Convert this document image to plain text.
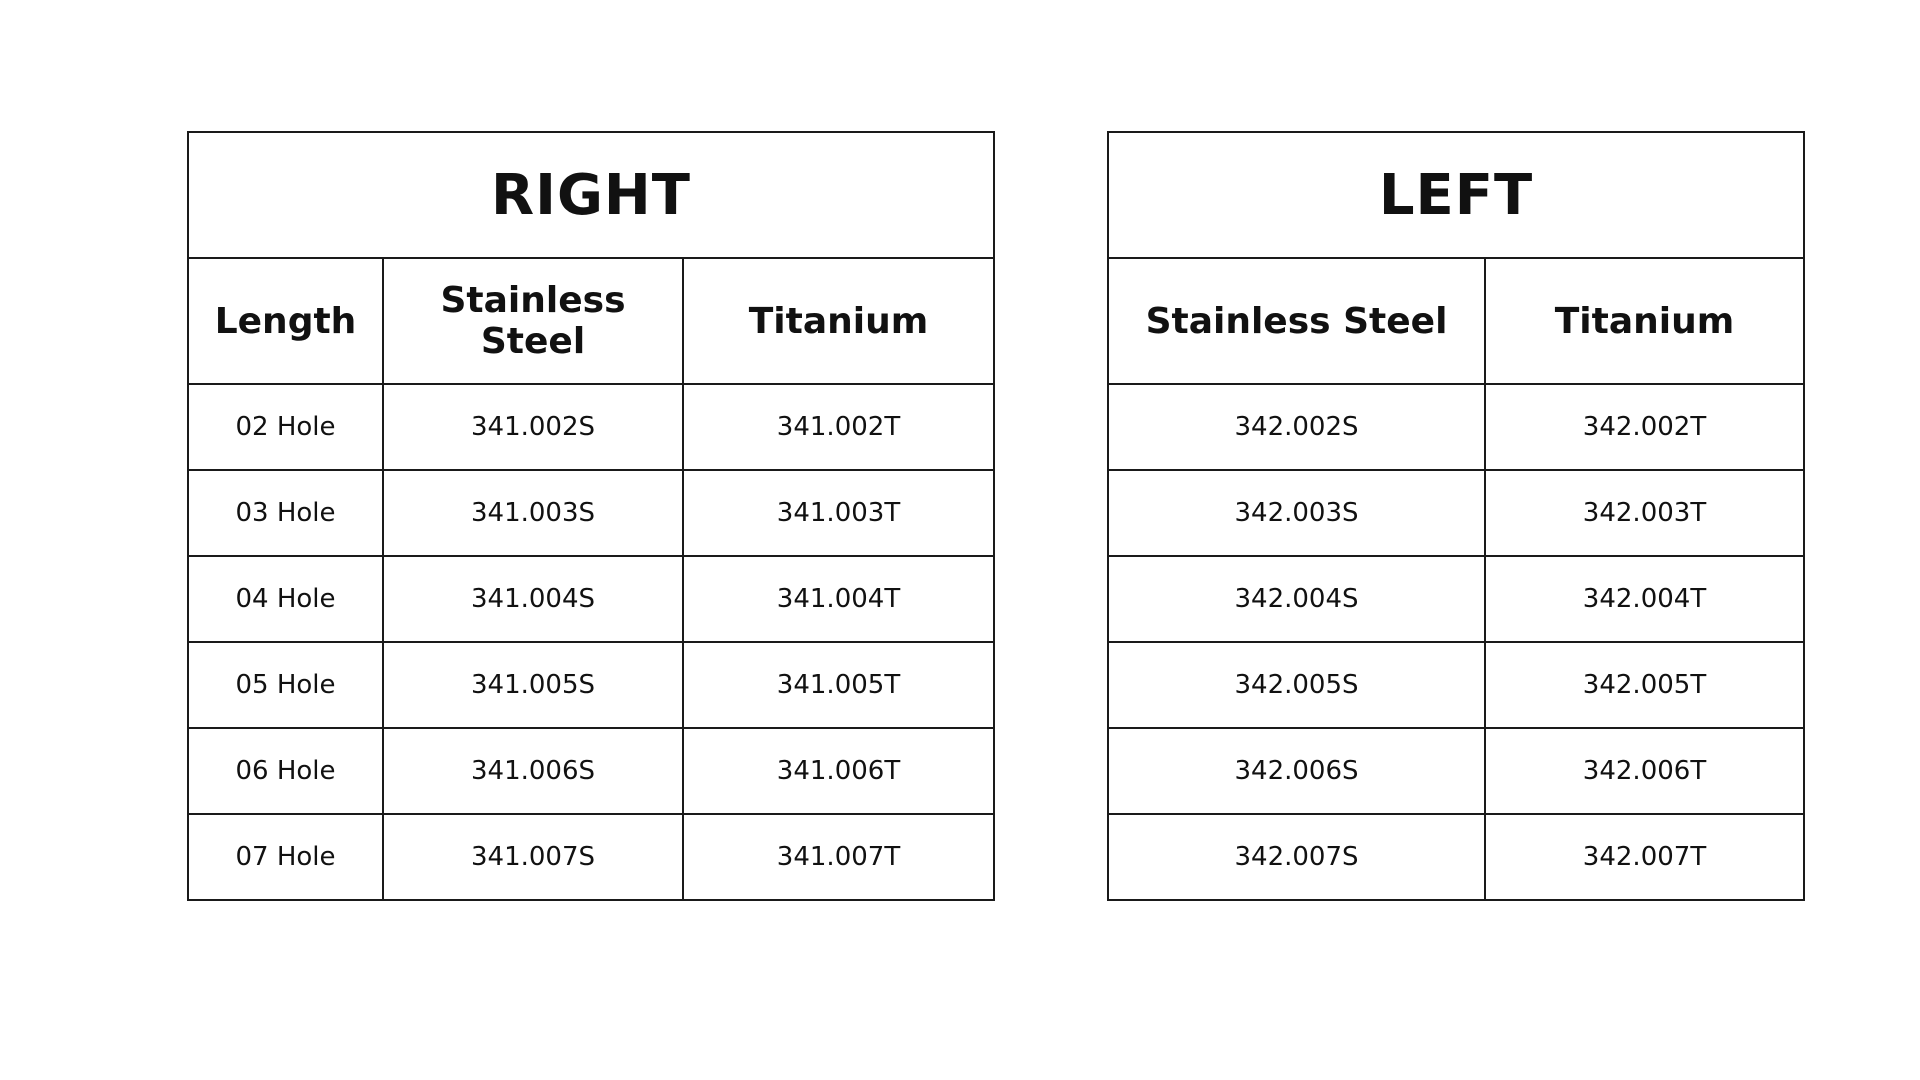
RIGHT		
Length	Stainless Steel	Titanium
02 Hole	341.002S	341.002T
03 Hole	341.003S	341.003T
04 Hole	341.004S	341.004T
05 Hole	341.005S	341.005T
06 Hole	341.006S	341.006T
07 Hole	341.007S	341.007T
LEFT	
Stainless Steel	Titanium
342.002S	342.002T
342.003S	342.003T
342.004S	342.004T
342.005S	342.005T
342.006S	342.006T
342.007S	342.007T
